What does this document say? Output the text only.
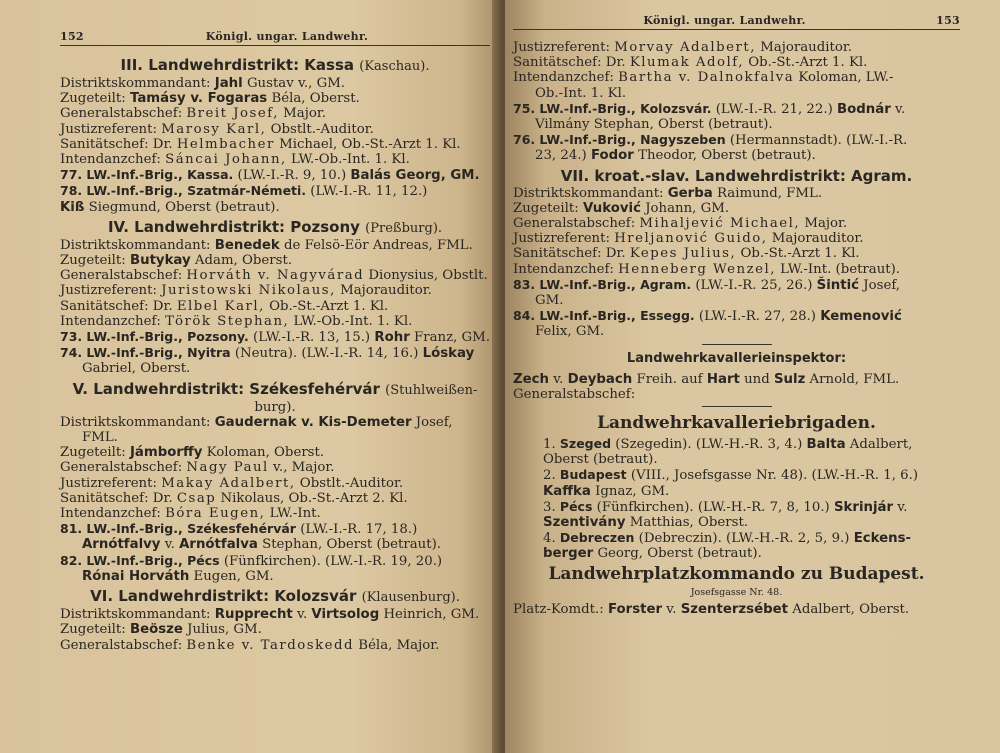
152	Königl. ungar. Landwehr.
III. Landwehrdistrikt: Kassa (Kaschau).
Distriktskommandant: Jahl Gustav v., GM.
Zugeteilt: Tamásy v. Fogaras Béla, Oberst.
Generalstabschef: Breit Josef, Major.
Justizreferent: Marosy Karl, Obstlt.-Auditor.
Sanitätschef: Dr. Helmbacher Michael, Ob.-St.-Arzt 1. Kl.
Intendanzchef: Sáncai Johann, LW.-Ob.-Int. 1. Kl.
77. LW.-Inf.-Brig., Kassa. (LW.-I.-R. 9, 10.) Balás Georg, GM.
78. LW.-Inf.-Brig., Szatmár-Németi. (LW.-I.-R. 11, 12.)
Kiß Siegmund, Oberst (betraut).
IV. Landwehrdistrikt: Pozsony (Preßburg).
Distriktskommandant: Benedek de Felsö-Eör Andreas, FML.
Zugeteilt: Butykay Adam, Oberst.
Generalstabschef: Horváth v. Nagyvárad Dionysius, Obstlt.
Justizreferent: Juristowski Nikolaus, Majorauditor.
Sanitätschef: Dr. Elbel Karl, Ob.-St.-Arzt 1. Kl.
Intendanzchef: Török Stephan, LW.-Ob.-Int. 1. Kl.
73. LW.-Inf.-Brig., Pozsony. (LW.-I.-R. 13, 15.) Rohr Franz, GM.
74. LW.-Inf.-Brig., Nyitra (Neutra). (LW.-I.-R. 14, 16.) Lóskay
Gabriel, Oberst.
V. Landwehrdistrikt: Székesfehérvár (Stuhlweißen-
burg).
Distriktskommandant: Gaudernak v. Kis-Demeter Josef,
FML.
Zugeteilt: Jámborffy Koloman, Oberst.
Generalstabschef: Nagy Paul v., Major.
Justizreferent: Makay Adalbert, Obstlt.-Auditor.
Sanitätschef: Dr. Csap Nikolaus, Ob.-St.-Arzt 2. Kl.
Intendanzchef: Bóra Eugen, LW.-Int.
81. LW.-Inf.-Brig., Székesfehérvár (LW.-I.-R. 17, 18.)
Arnótfalvy v. Arnótfalva Stephan, Oberst (betraut).
82. LW.-Inf.-Brig., Pécs (Fünfkirchen). (LW.-I.-R. 19, 20.)
Rónai Horváth Eugen, GM.
VI. Landwehrdistrikt: Kolozsvár (Klausenburg).
Distriktskommandant: Rupprecht v. Virtsolog Heinrich, GM.
Zugeteilt: Beösze Julius, GM.
Generalstabschef: Benke v. Tardoskedd Béla, Major.
Königl. ungar. Landwehr.	153
Justizreferent: Morvay Adalbert, Majorauditor.
Sanitätschef: Dr. Klumak Adolf, Ob.-St.-Arzt 1. Kl.
Intendanzchef: Bartha v. Dalnokfalva Koloman, LW.-
Ob.-Int. 1. Kl.
75. LW.-Inf.-Brig., Kolozsvár. (LW.-I.-R. 21, 22.) Bodnár v.
Vilmány Stephan, Oberst (betraut).
76. LW.-Inf.-Brig., Nagyszeben (Hermannstadt). (LW.-I.-R.
23, 24.) Fodor Theodor, Oberst (betraut).
VII. kroat.-slav. Landwehrdistrikt: Agram.
Distriktskommandant: Gerba Raimund, FML.
Zugeteilt: Vuković Johann, GM.
Generalstabschef: Mihaljević Michael, Major.
Justizreferent: Hreljanović Guido, Majorauditor.
Sanitätschef: Dr. Kepes Julius, Ob.-St.-Arzt 1. Kl.
Intendanzchef: Henneberg Wenzel, LW.-Int. (betraut).
83. LW.-Inf.-Brig., Agram. (LW.-I.-R. 25, 26.) Šintić Josef,
GM.
84. LW.-Inf.-Brig., Essegg. (LW.-I.-R. 27, 28.) Kemenović
Felix, GM.
Landwehrkavallerieinspektor:
Zech v. Deybach Freih. auf Hart und Sulz Arnold, FML.
Generalstabschef:
Landwehrkavalleriebrigaden.
1. Szeged (Szegedin). (LW.-H.-R. 3, 4.) Balta Adalbert,
Oberst (betraut).
2. Budapest (VIII., Josefsgasse Nr. 48). (LW.-H.-R. 1, 6.)
Kaffka Ignaz, GM.
3. Pécs (Fünfkirchen). (LW.-H.-R. 7, 8, 10.) Skrinjár v.
Szentivány Matthias, Oberst.
4. Debreczen (Debreczin). (LW.-H.-R. 2, 5, 9.) Eckens-
berger Georg, Oberst (betraut).
Landwehrplatzkommando zu Budapest.
Josefsgasse Nr. 48.
Platz-Komdt.: Forster v. Szenterzsébet Adalbert, Oberst.
